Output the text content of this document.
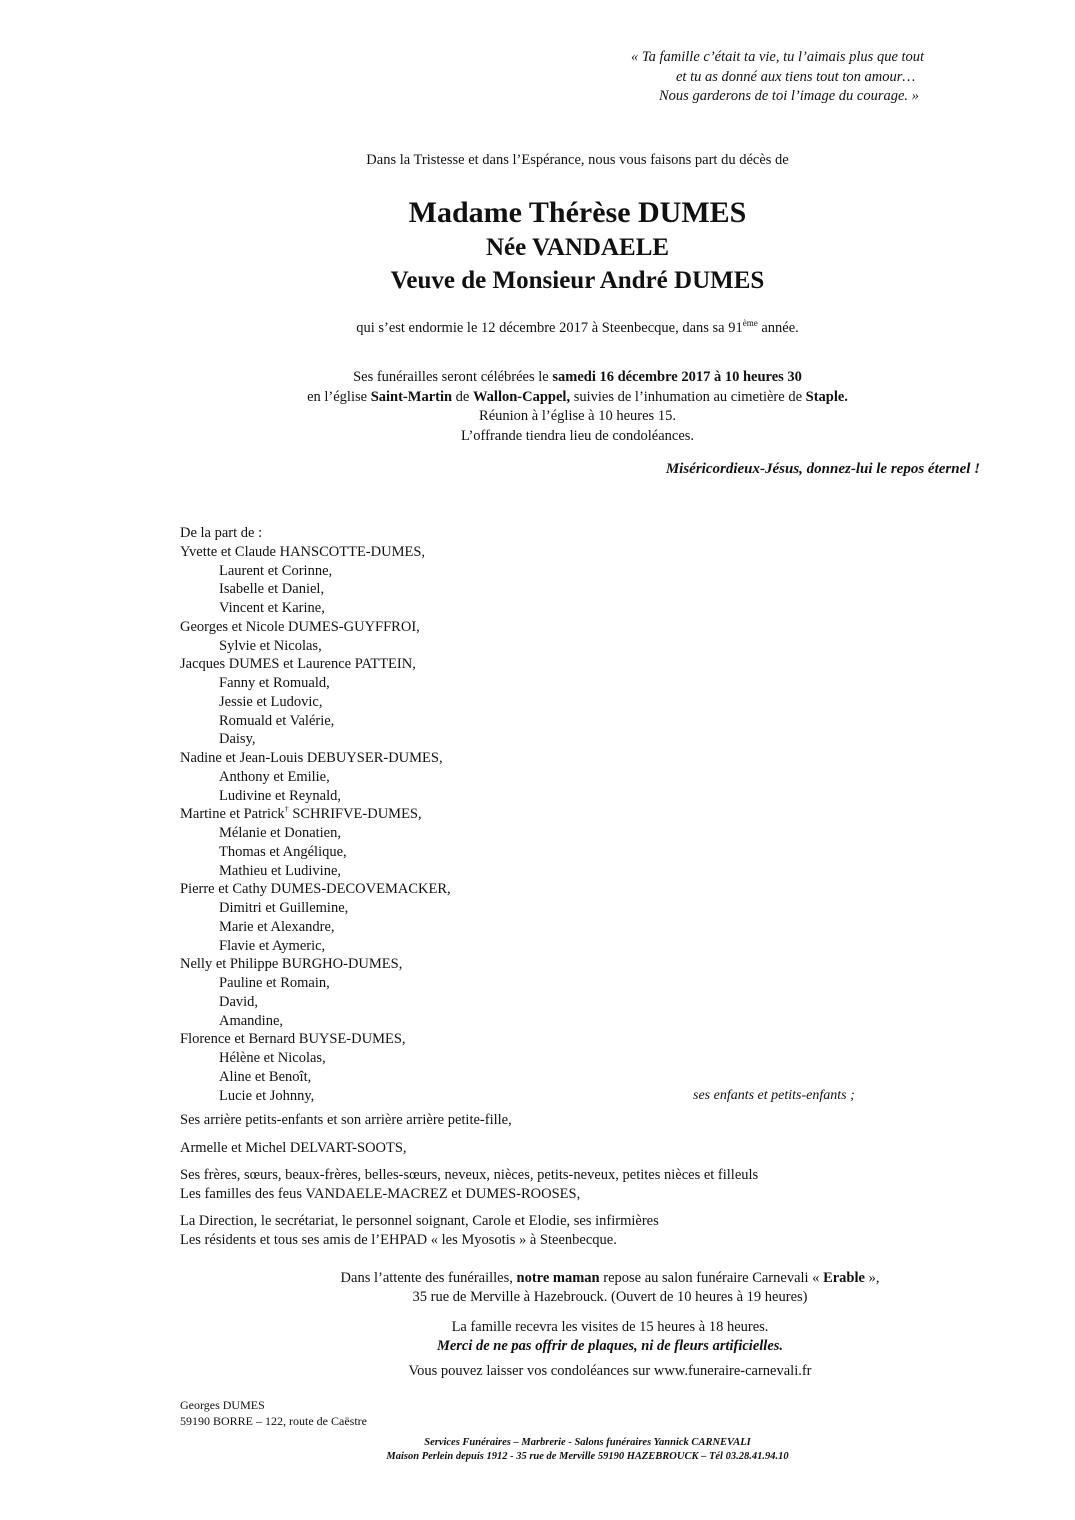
« Ta famille c’était ta vie, tu l’aimais plus que tout
et tu as donné aux tiens tout ton amour…
Nous garderons de toi l’image du courage. »
Dans la Tristesse et dans l’Espérance, nous vous faisons part du décès de
Madame Thérèse DUMES
Née VANDAELE
Veuve de Monsieur André DUMES
qui s’est endormie le 12 décembre 2017 à Steenbecque, dans sa 91ème année.
Ses funérailles seront célébrées le samedi 16 décembre 2017 à 10 heures 30
en l’église Saint-Martin de Wallon-Cappel, suivies de l’inhumation au cimetière de Staple.
Réunion à l’église à 10 heures 15.
L’offrande tiendra lieu de condoléances.
Miséricordieux-Jésus, donnez-lui le repos éternel !
De la part de :
Yvette et Claude HANSCOTTE-DUMES,
Laurent et Corinne,
Isabelle et Daniel,
Vincent et Karine,
Georges et Nicole DUMES-GUYFFROI,
Sylvie et Nicolas,
Jacques DUMES et Laurence PATTEIN,
Fanny et Romuald,
Jessie et Ludovic,
Romuald et Valérie,
Daisy,
Nadine et Jean-Louis DEBUYSER-DUMES,
Anthony et Emilie,
Ludivine et Reynald,
Martine et Patrick† SCHRIFVE-DUMES,
Mélanie et Donatien,
Thomas et Angélique,
Mathieu et Ludivine,
Pierre et Cathy DUMES-DECOVEMACKER,
Dimitri et Guillemine,
Marie et Alexandre,
Flavie et Aymeric,
Nelly et Philippe BURGHO-DUMES,
Pauline et Romain,
David,
Amandine,
Florence et Bernard BUYSE-DUMES,
Hélène et Nicolas,
Aline et Benoît,
Lucie et Johnny,	ses enfants et petits-enfants ;
Ses arrière petits-enfants et son arrière arrière petite-fille,
Armelle et Michel DELVART-SOOTS,
Ses frères, sœurs, beaux-frères, belles-sœurs, neveux, nièces, petits-neveux, petites nièces et filleuls
Les familles des feus VANDAELE-MACREZ et DUMES-ROOSES,
La Direction, le secrétariat, le personnel soignant, Carole et Elodie, ses infirmières
Les résidents et tous ses amis de l’EHPAD « les Myosotis » à Steenbecque.
Dans l’attente des funérailles, notre maman repose au salon funéraire Carnevali « Erable »,
35 rue de Merville à Hazebrouck. (Ouvert de 10 heures à 19 heures)
La famille recevra les visites de 15 heures à 18 heures.
Merci de ne pas offrir de plaques, ni de fleurs artificielles.
Vous pouvez laisser vos condoléances sur www.funeraire-carnevali.fr
Georges DUMES
59190 BORRE – 122, route de Caëstre
Services Funéraires – Marbrerie - Salons funéraires Yannick CARNEVALI
Maison Perlein depuis 1912 - 35 rue de Merville 59190 HAZEBROUCK – Tél 03.28.41.94.10
